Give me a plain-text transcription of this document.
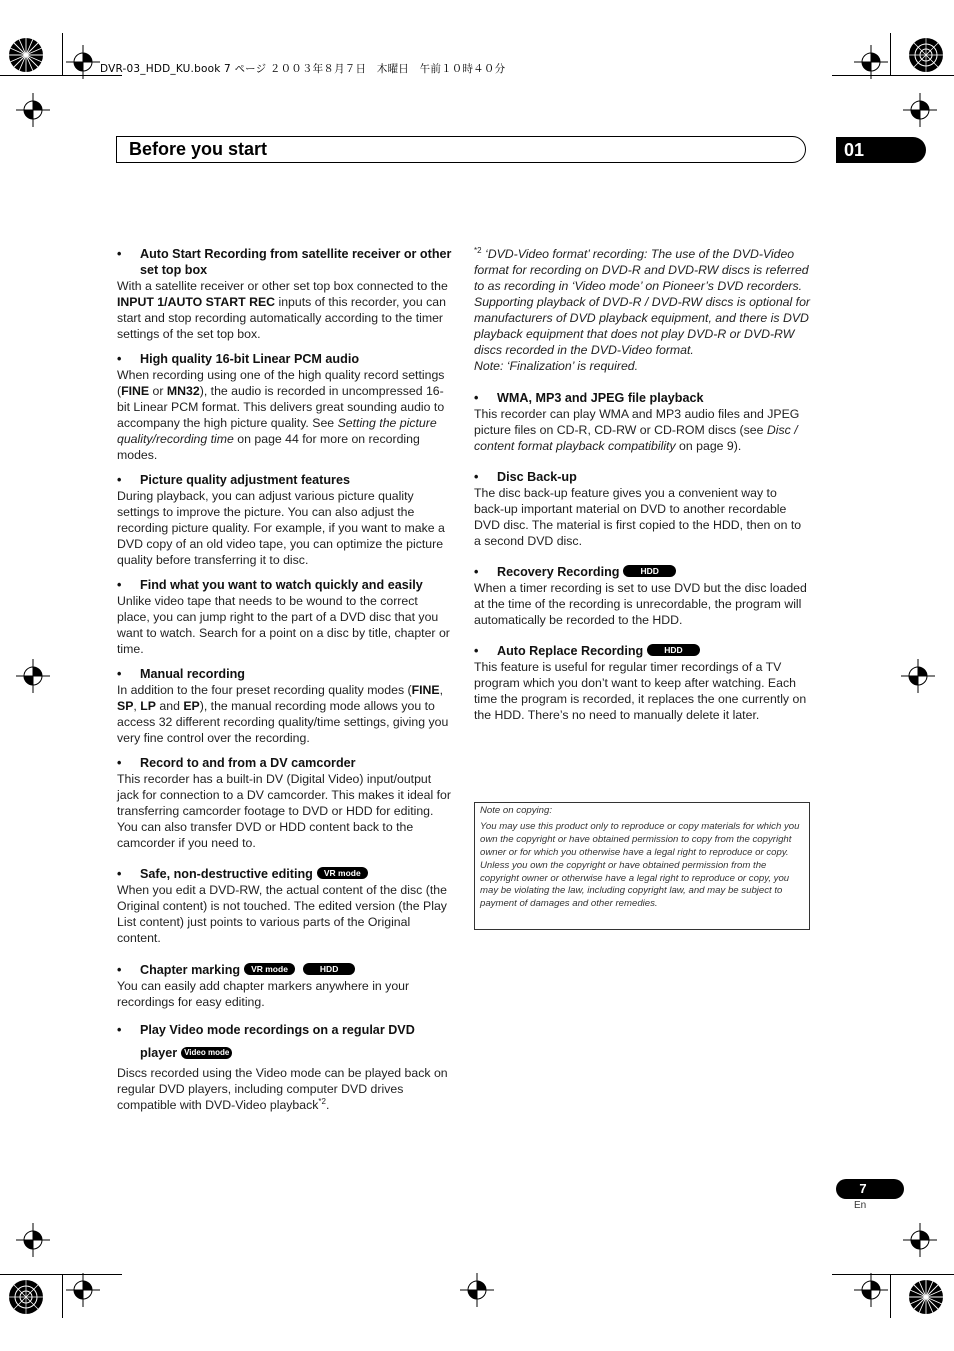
DVR-03_HDD_KU.book 7 ページ ２００３年８月７日　木曜日　午前１０時４０分
Before you start	01
• Auto Start Recording from satellite receiver or other set top box

With a satellite receiver or other set top box connected to the INPUT 1/AUTO START REC inputs of this recorder, you can start and stop recording automatically according to the timer settings of the set top box.

• High quality 16-bit Linear PCM audio

When recording using one of the high quality record settings (FINE or MN32), the audio is recorded in uncompressed 16-bit Linear PCM format. This delivers great sounding audio to accompany the high picture quality. See Setting the picture quality/recording time on page 44 for more on recording modes.

• Picture quality adjustment features

During playback, you can adjust various picture quality settings to improve the picture. You can also adjust the recording picture quality. For example, if you want to make a DVD copy of an old video tape, you can optimize the picture quality before transferring it to disc.

• Find what you want to watch quickly and easily

Unlike video tape that needs to be wound to the correct place, you can jump right to the part of a DVD disc that you want to watch. Search for a point on a disc by title, chapter or time.

• Manual recording

In addition to the four preset recording quality modes (FINE, SP, LP and EP), the manual recording mode allows you to access 32 different recording quality/time settings, giving you very fine control over the recording.

• Record to and from a DV camcorder

This recorder has a built-in DV (Digital Video) input/output jack for connection to a DV camcorder. This makes it ideal for transferring camcorder footage to DVD or HDD for editing. You can also transfer DVD or HDD content back to the camcorder if you need to.

• Safe, non-destructive editing VR mode

When you edit a DVD-RW, the actual content of the disc (the Original content) is not touched. The edited version (the Play List content) just points to various parts of the Original content.

• Chapter marking VR mode	HDD

You can easily add chapter markers anywhere in your recordings for easy editing.

• Play Video mode recordings on a regular DVD player Video mode

Discs recorded using the Video mode can be played back on regular DVD players, including computer DVD drives compatible with DVD-Video playback$^{*2}$.

$^{*2}$ ‘DVD-Video format’ recording: The use of the DVD-Video format for recording on DVD-R and DVD-RW discs is referred to as recording in ‘Video mode’ on Pioneer’s DVD recorders. Supporting playback of DVD-R / DVD-RW discs is optional for manufacturers of DVD playback equipment, and there is DVD playback equipment that does not play DVD-R or DVD-RW discs recorded in the DVD-Video format.

Note: ‘Finalization’ is required.

• WMA, MP3 and JPEG file playback

This recorder can play WMA and MP3 audio files and JPEG picture files on CD-R, CD-RW or CD-ROM discs (see Disc / content format playback compatibility on page 9).

• Disc Back-up

The disc back-up feature gives you a convenient way to back-up important material on DVD to another recordable DVD disc. The material is first copied to the HDD, then on to a second DVD disc.

• Recovery Recording HDD

When a timer recording is set to use DVD but the disc loaded at the time of the recording is unrecordable, the program will automatically be recorded to the HDD.

• Auto Replace Recording HDD

This feature is useful for regular timer recordings of a TV program which you don’t want to keep after watching. Each time the program is recorded, it replaces the one currently on the HDD. There’s no need to manually delete it later.

Note on copying:

You may use this product only to reproduce or copy materials for which you own the copyright or have obtained permission to copy from the copyright owner or for which you otherwise have a legal right to reproduce or copy. Unless you own the copyright or have obtained permission from the copyright owner or otherwise have a legal right to reproduce or copy, you may be violating the law, including copyright law, and may be subject to payment of damages and other remedies.

7
En
